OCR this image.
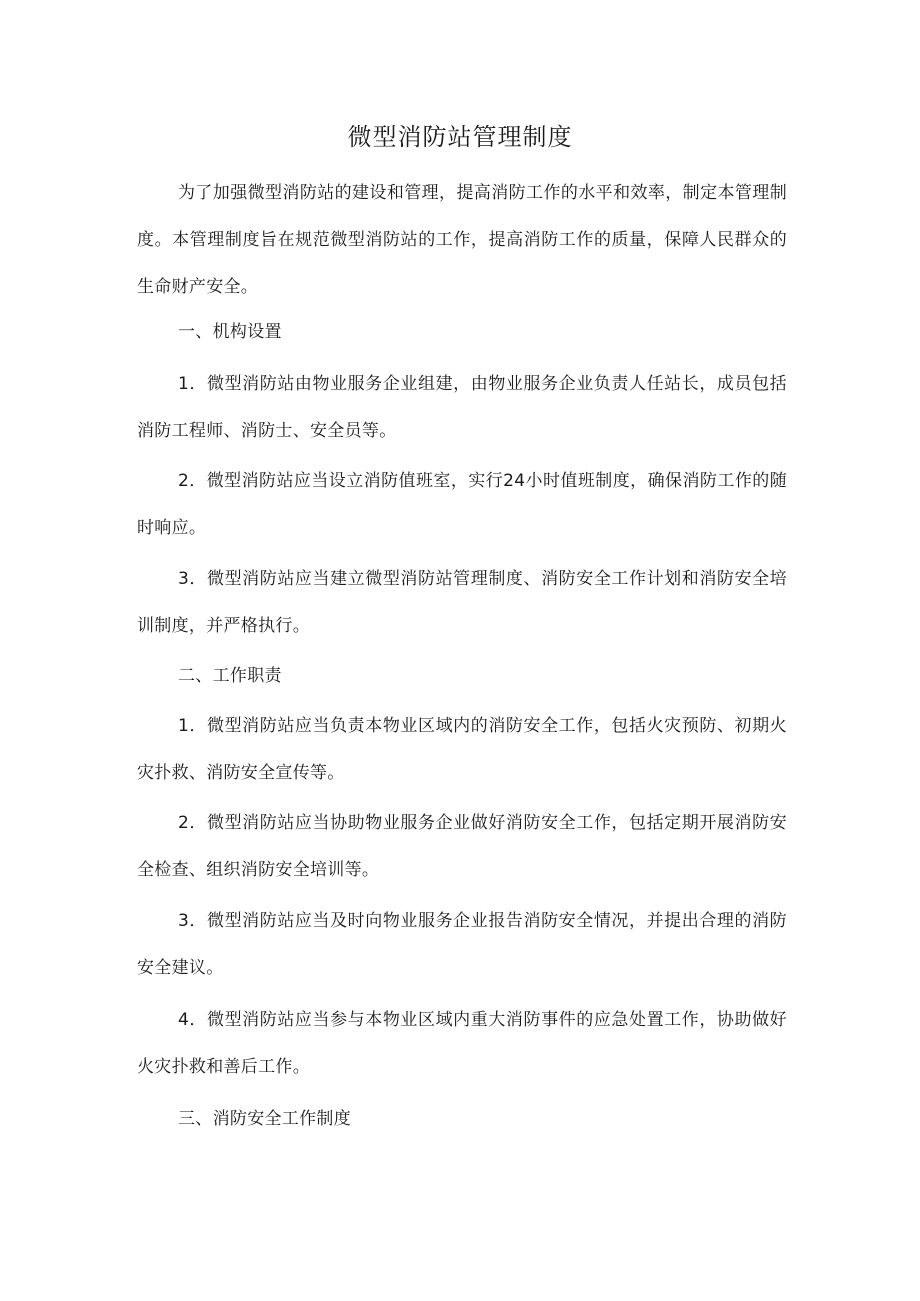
微型消防站管理制度
为了加强微型消防站的建设和管理，提高消防工作的水平和效率，制定本管理制度。本管理制度旨在规范微型消防站的工作，提高消防工作的质量，保障人民群众的生命财产安全。
一、机构设置
1．微型消防站由物业服务企业组建，由物业服务企业负责人任站长，成员包括消防工程师、消防士、安全员等。
2．微型消防站应当设立消防值班室，实行24小时值班制度，确保消防工作的随时响应。
3．微型消防站应当建立微型消防站管理制度、消防安全工作计划和消防安全培训制度，并严格执行。
二、工作职责
1．微型消防站应当负责本物业区域内的消防安全工作，包括火灾预防、初期火灾扑救、消防安全宣传等。
2．微型消防站应当协助物业服务企业做好消防安全工作，包括定期开展消防安全检查、组织消防安全培训等。
3．微型消防站应当及时向物业服务企业报告消防安全情况，并提出合理的消防安全建议。
4．微型消防站应当参与本物业区域内重大消防事件的应急处置工作，协助做好火灾扑救和善后工作。
三、消防安全工作制度
